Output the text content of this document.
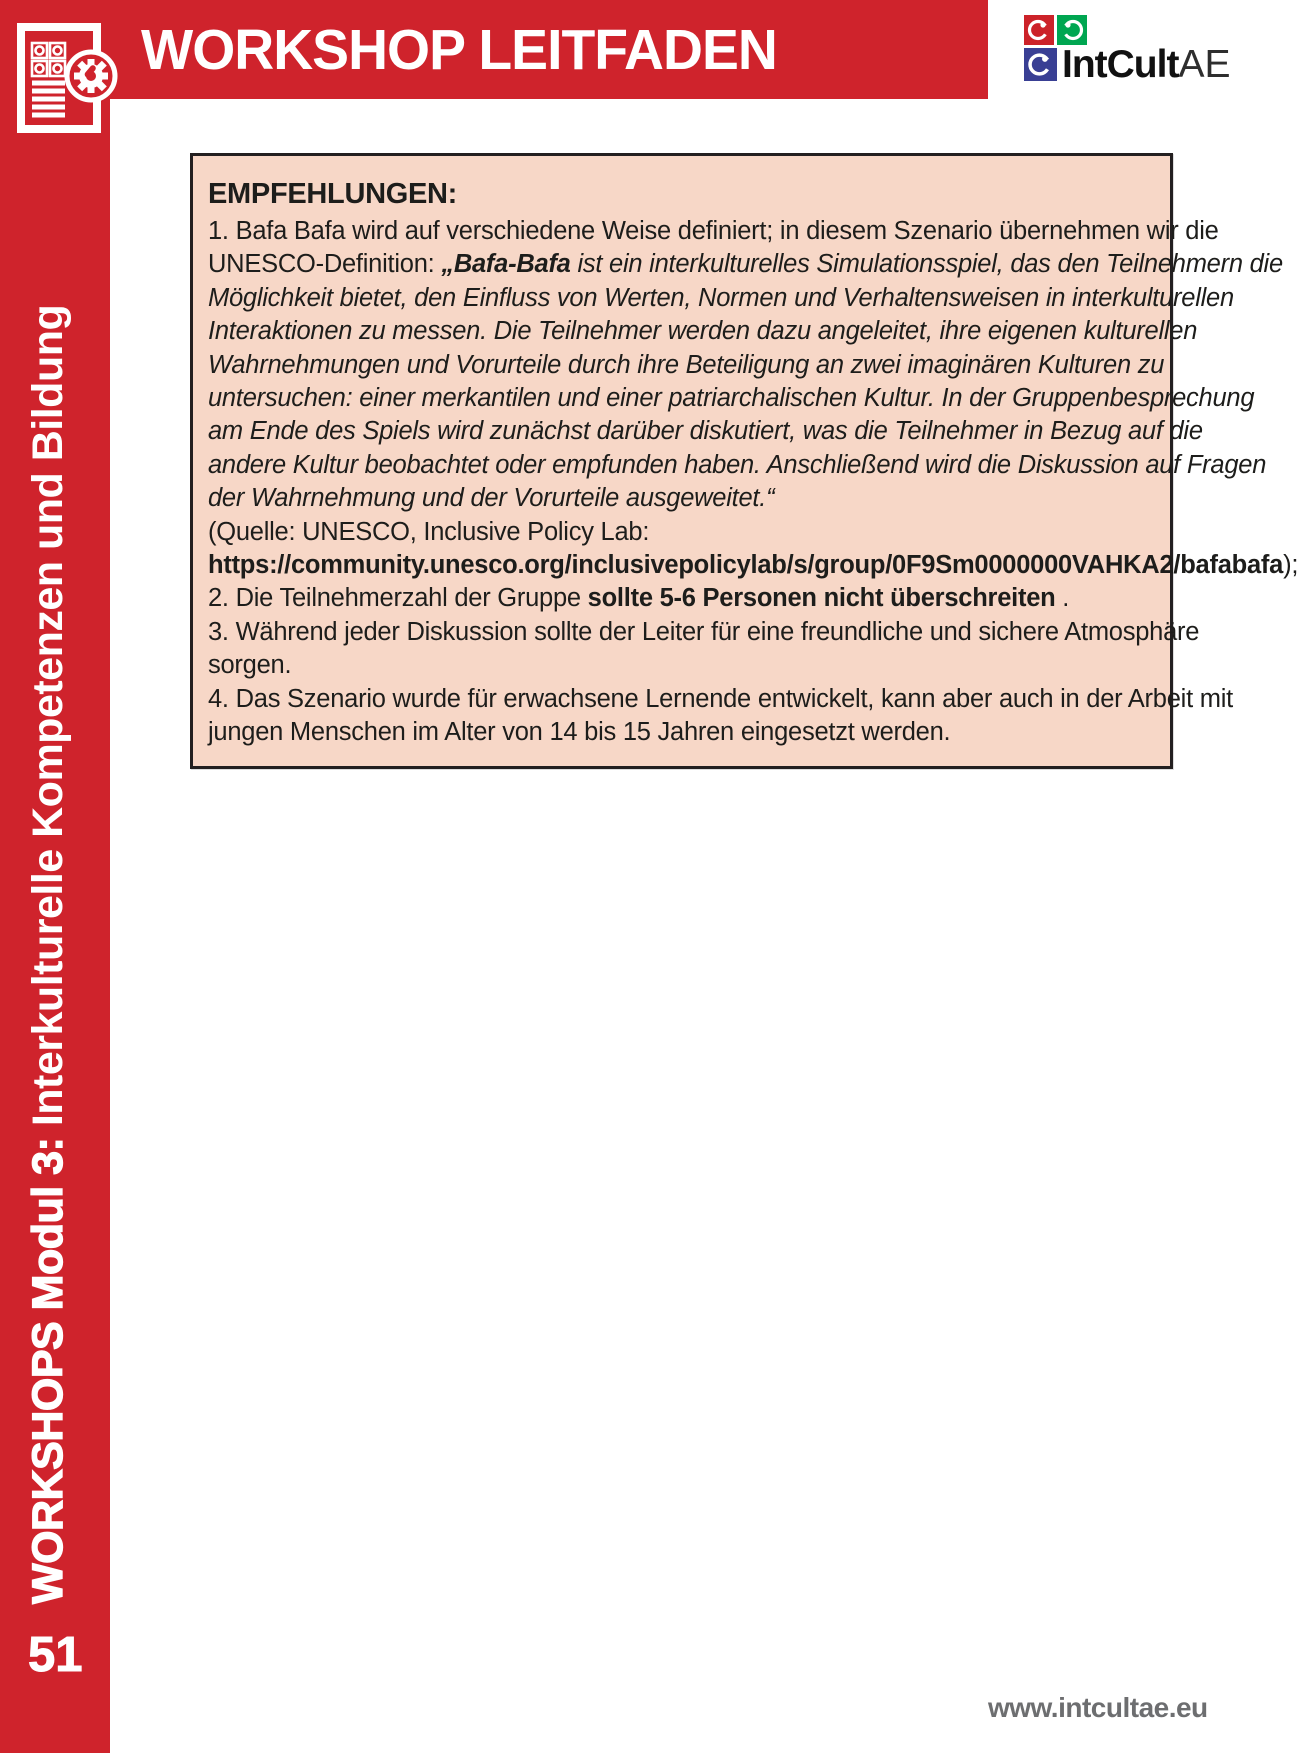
WORKSHOP LEITFADEN	IntCultAE
EMPFEHLUNGEN:
1. Bafa Bafa wird auf verschiedene Weise definiert; in diesem Szenario übernehmen wir die
UNESCO-Definition: „Bafa-Bafa ist ein interkulturelles Simulationsspiel, das den Teilnehmern die
Möglichkeit bietet, den Einfluss von Werten, Normen und Verhaltensweisen in interkulturellen
Interaktionen zu messen. Die Teilnehmer werden dazu angeleitet, ihre eigenen kulturellen
Wahrnehmungen und Vorurteile durch ihre Beteiligung an zwei imaginären Kulturen zu
untersuchen: einer merkantilen und einer patriarchalischen Kultur. In der Gruppenbesprechung
am Ende des Spiels wird zunächst darüber diskutiert, was die Teilnehmer in Bezug auf die
andere Kultur beobachtet oder empfunden haben. Anschließend wird die Diskussion auf Fragen
der Wahrnehmung und der Vorurteile ausgeweitet.“
(Quelle: UNESCO, Inclusive Policy Lab:
https://community.unesco.org/inclusivepolicylab/s/group/0F9Sm0000000VAHKA2/bafabafa);
2. Die Teilnehmerzahl der Gruppe sollte 5-6 Personen nicht überschreiten .
3. Während jeder Diskussion sollte der Leiter für eine freundliche und sichere Atmosphäre
sorgen.
4. Das Szenario wurde für erwachsene Lernende entwickelt, kann aber auch in der Arbeit mit
jungen Menschen im Alter von 14 bis 15 Jahren eingesetzt werden.
WORKSHOPS Modul 3: Interkulturelle Kompetenzen und Bildung
51
www.intcultae.eu
